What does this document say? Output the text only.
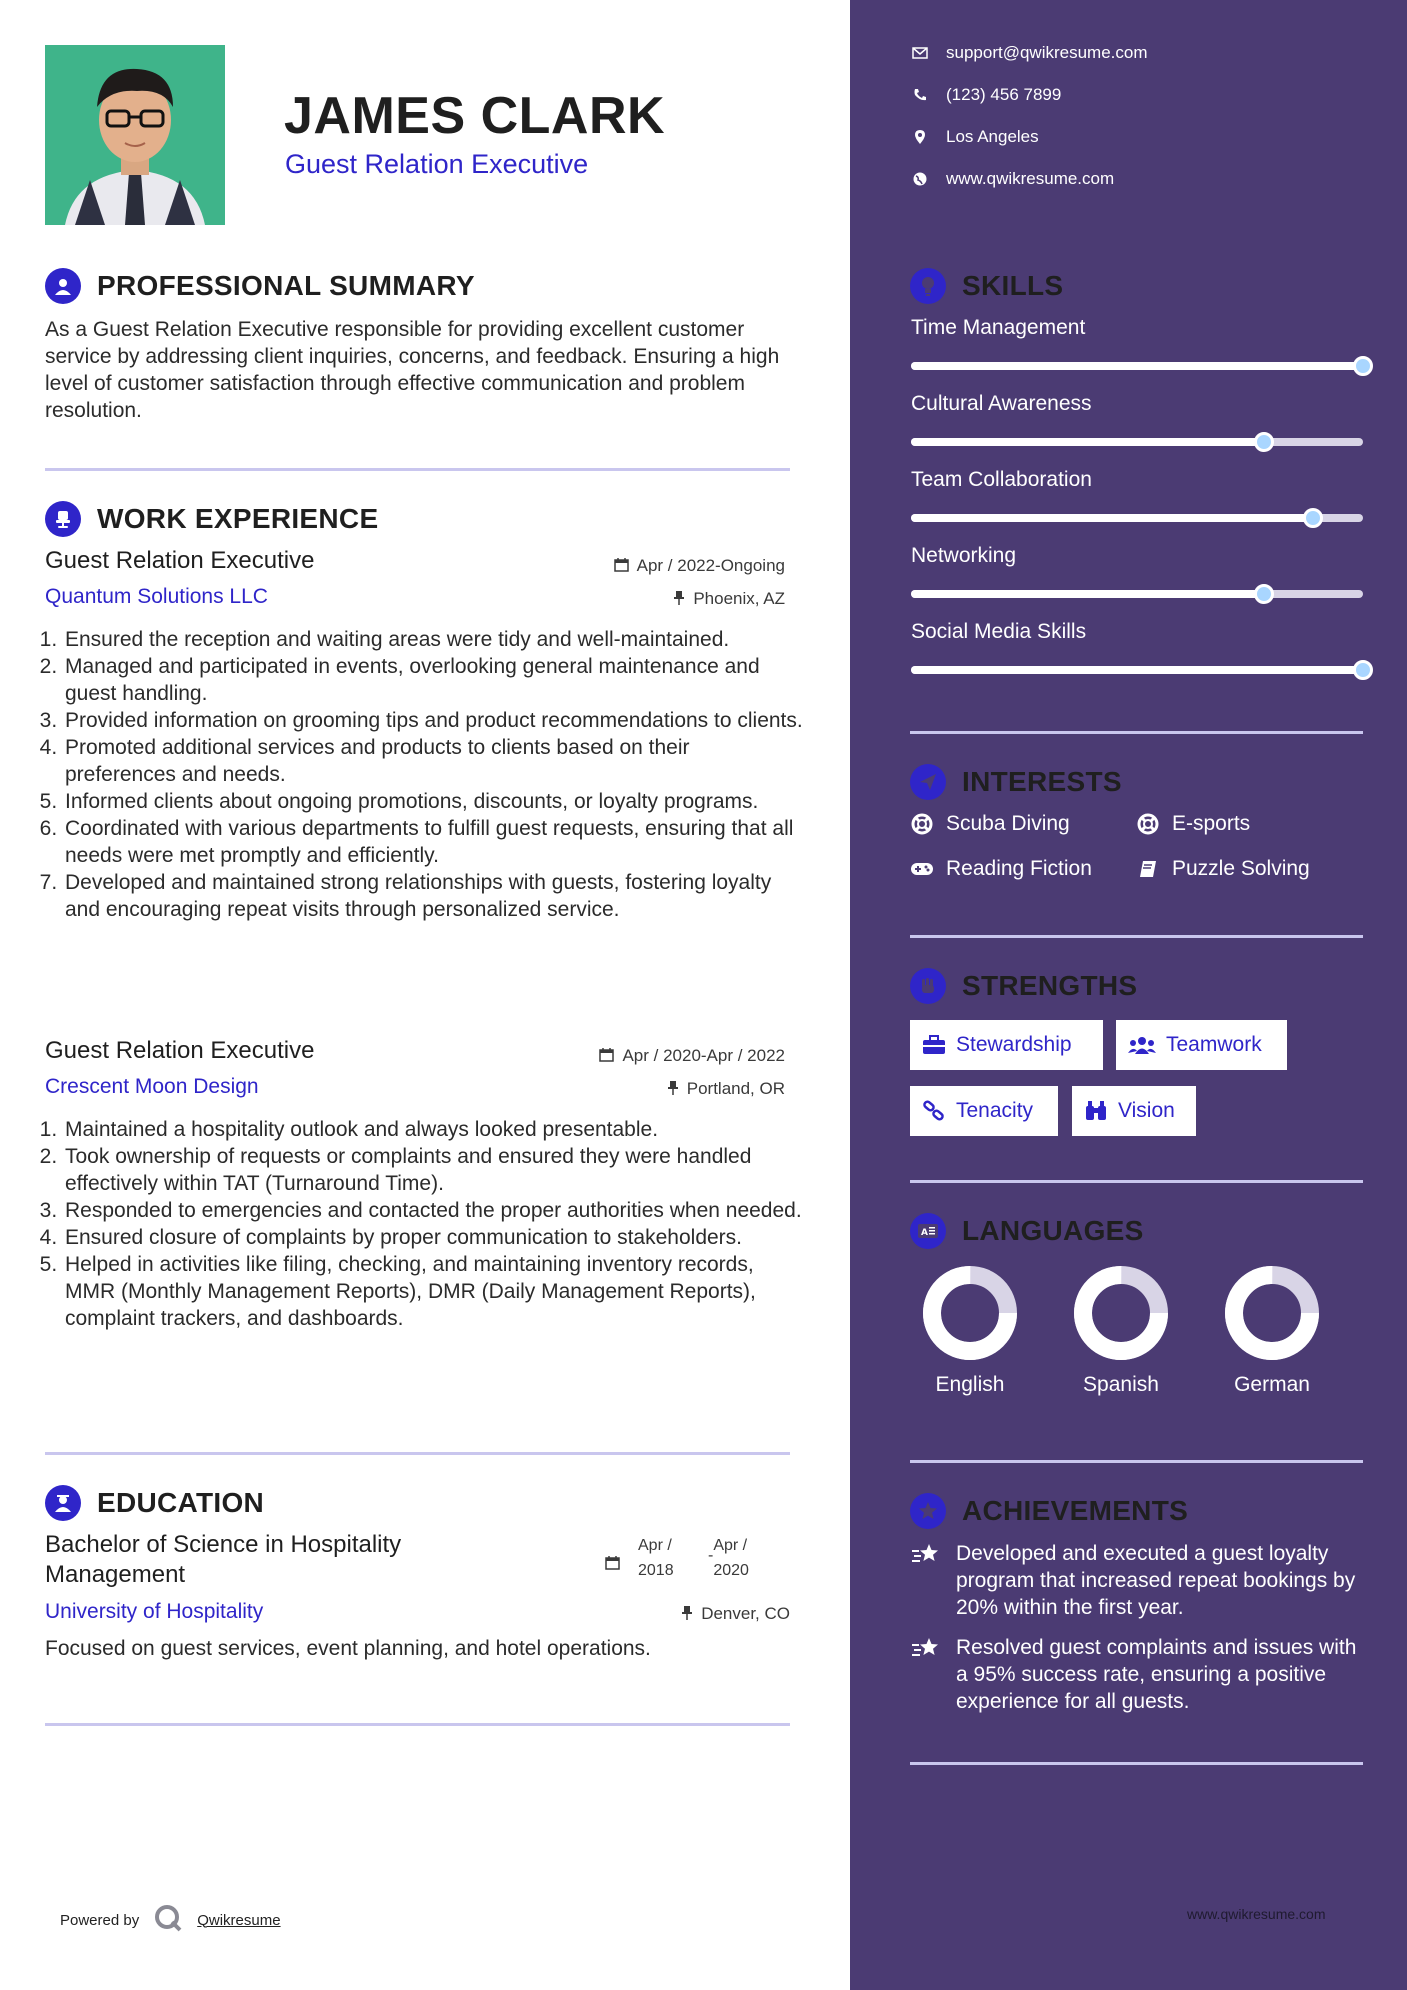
JAMES CLARK
Guest Relation Executive
PROFESSIONAL SUMMARY
As a Guest Relation Executive responsible for providing excellent customer service by addressing client inquiries, concerns, and feedback. Ensuring a high level of customer satisfaction through effective communication and problem resolution.
WORK EXPERIENCE
Guest Relation Executive	Apr / 2022-Ongoing
Quantum Solutions LLC	Phoenix, AZ
1. Ensured the reception and waiting areas were tidy and well-maintained.
2. Managed and participated in events, overlooking general maintenance and guest handling.
3. Provided information on grooming tips and product recommendations to clients.
4. Promoted additional services and products to clients based on their preferences and needs.
5. Informed clients about ongoing promotions, discounts, or loyalty programs.
6. Coordinated with various departments to fulfill guest requests, ensuring that all needs were met promptly and efficiently.
7. Developed and maintained strong relationships with guests, fostering loyalty and encouraging repeat visits through personalized service.
Guest Relation Executive	Apr / 2020-Apr / 2022
Crescent Moon Design	Portland, OR
1. Maintained a hospitality outlook and always looked presentable.
2. Took ownership of requests or complaints and ensured they were handled effectively within TAT (Turnaround Time).
3. Responded to emergencies and contacted the proper authorities when needed.
4. Ensured closure of complaints by proper communication to stakeholders.
5. Helped in activities like filing, checking, and maintaining inventory records, MMR (Monthly Management Reports), DMR (Daily Management Reports), complaint trackers, and dashboards.
EDUCATION
Bachelor of Science in Hospitality Management
Apr / 2018
-
Apr / 2020
University of Hospitality	Denver, CO
Focused on guest services, event planning, and hotel operations.
Powered by	Qwikresume
support@qwikresume.com
(123) 456 7899
Los Angeles
www.qwikresume.com
SKILLS
Time Management
Cultural Awareness
Team Collaboration
Networking
Social Media Skills
INTERESTS
Scuba Diving	E-sports
Reading Fiction	Puzzle Solving
STRENGTHS
Stewardship	Teamwork
Tenacity	Vision
A LANGUAGES
English	Spanish	German
ACHIEVEMENTS
Developed and executed a guest loyalty program that increased repeat bookings by 20% within the first year.
Resolved guest complaints and issues with a 95% success rate, ensuring a positive experience for all guests.
www.qwikresume.com
